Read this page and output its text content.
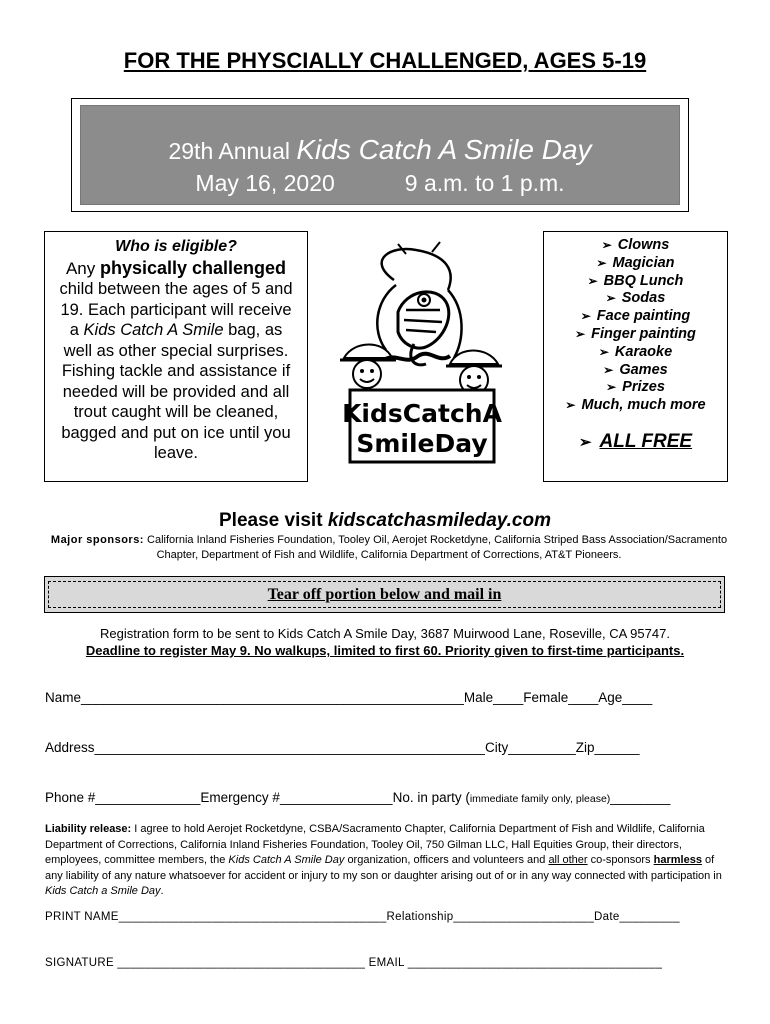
FOR THE PHYSCIALLY CHALLENGED, AGES 5-19
29th Annual Kids Catch A Smile Day
May 16, 2020	9 a.m. to 1 p.m.
Who is eligible?
Any physically challenged
child between the ages of 5 and 19. Each participant will receive a Kids Catch A Smile bag, as well as other special surprises. Fishing tackle and assistance if needed will be provided and all trout caught will be cleaned, bagged and put on ice until you leave.
KidsCatchA
SmileDay
➢ Clowns
➢ Magician
➢ BBQ Lunch
➢ Sodas
➢ Face painting
➢ Finger painting
➢ Karaoke
➢ Games
➢ Prizes
➢ Much, much more
➢ ALL FREE
Please visit kidscatchasmileday.com
Major sponsors: California Inland Fisheries Foundation, Tooley Oil, Aerojet Rocketdyne, California Striped Bass Association/Sacramento Chapter, Department of Fish and Wildlife, California Department of Corrections, AT&T Pioneers.
Tear off portion below and mail in
Registration form to be sent to Kids Catch A Smile Day, 3687 Muirwood Lane, Roseville, CA 95747.
Deadline to register May 9. No walkups, limited to first 60. Priority given to first-time participants.
Name___________________________________________________Male____Female____Age____
Address____________________________________________________City_________Zip______
Phone #______________Emergency #_______________No. in party (immediate family only, please)________
Liability release: I agree to hold Aerojet Rocketdyne, CSBA/Sacramento Chapter, California Department of Fish and Wildlife, California Department of Corrections, California Inland Fisheries Foundation, Tooley Oil, 750 Gilman LLC, Hall Equities Group, their directors, employees, committee members, the Kids Catch A Smile Day organization, officers and volunteers and all other co-sponsors harmless of any liability of any nature whatsoever for accident or injury to my son or daughter arising out of or in any way connected with participation in Kids Catch a Smile Day.
PRINT NAME________________________________________Relationship_____________________Date_________
SIGNATURE _____________________________________ EMAIL ______________________________________
